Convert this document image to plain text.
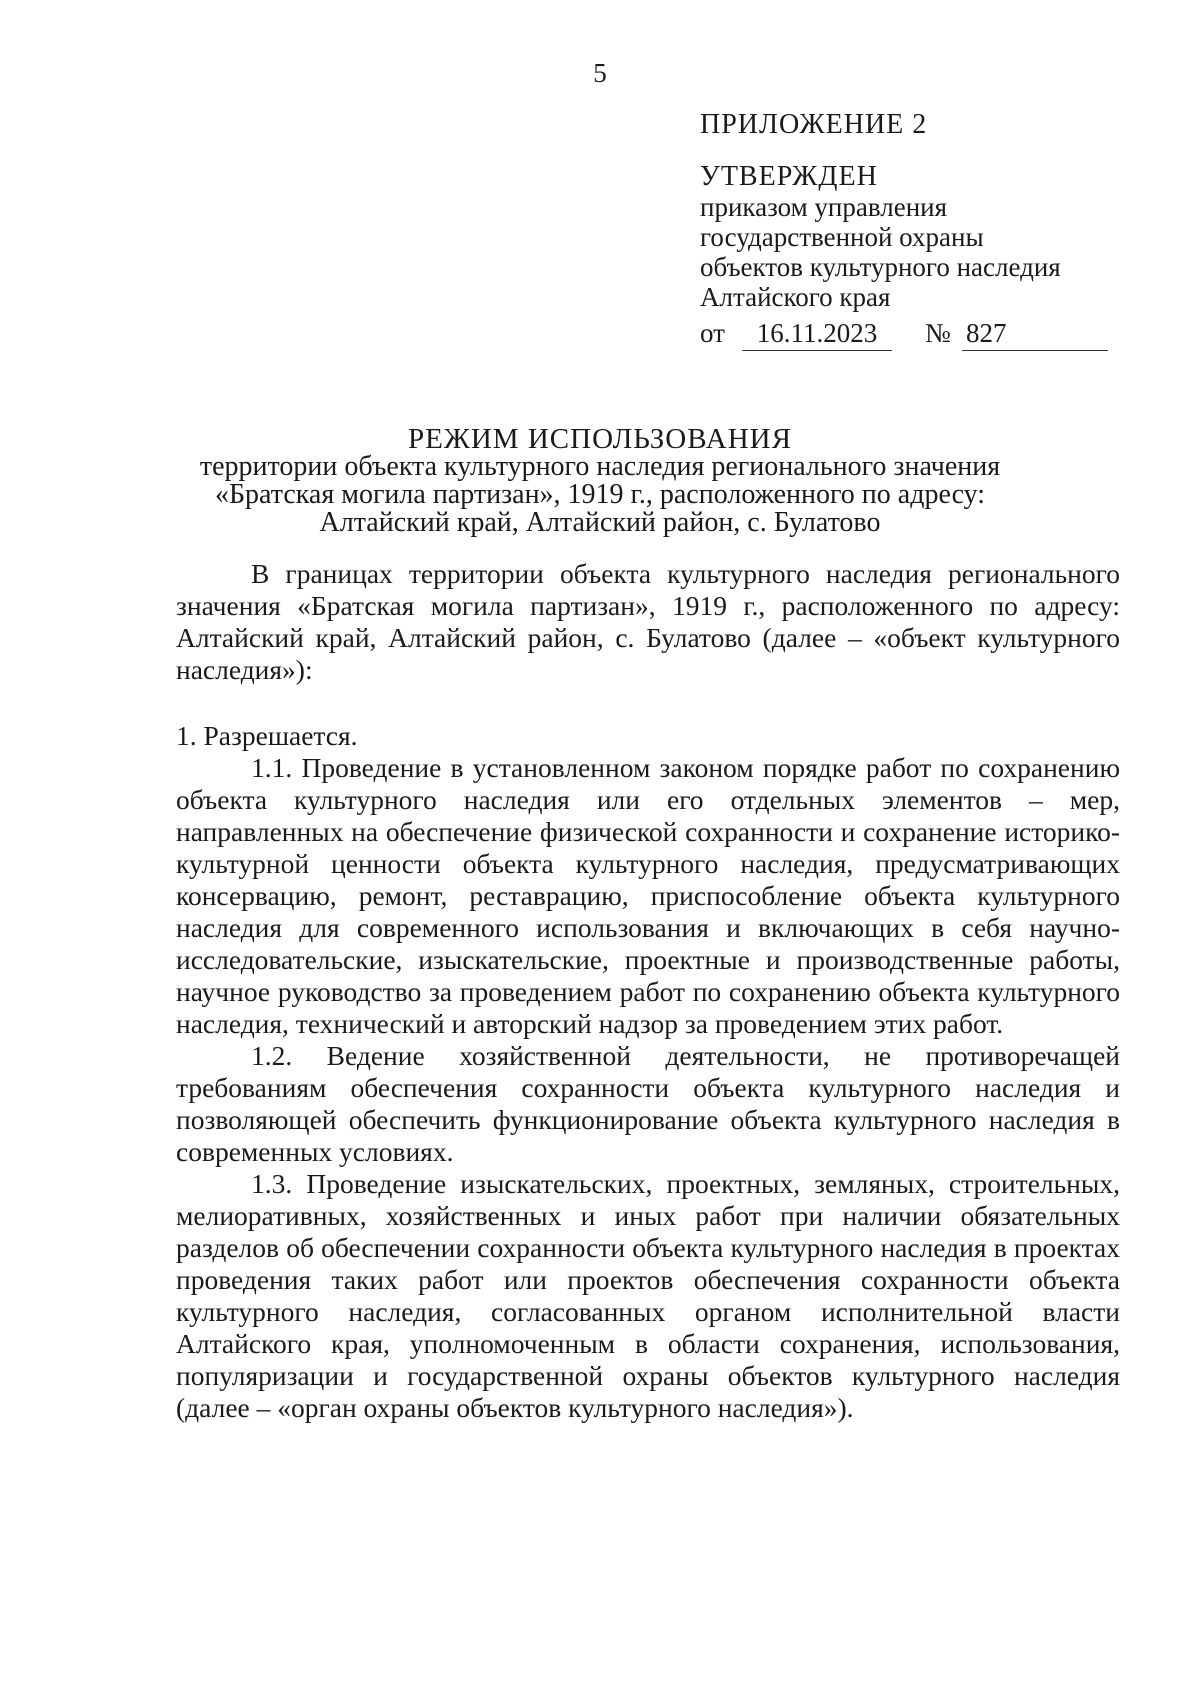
5
ПРИЛОЖЕНИЕ 2
УТВЕРЖДЕН
приказом управления
государственной охраны
объектов культурного наследия
Алтайского края
от	16.11.2023	№ 827
РЕЖИМ ИСПОЛЬЗОВАНИЯ
территории объекта культурного наследия регионального значения
«Братская могила партизан», 1919 г., расположенного по адресу:
Алтайский край, Алтайский район, с. Булатово

В границах территории объекта культурного наследия регионального значения «Братская могила партизан», 1919 г., расположенного по адресу: Алтайский край, Алтайский район, с. Булатово (далее – «объект культурного наследия»):

1. Разрешается.

1.1. Проведение в установленном законом порядке работ по сохранению объекта культурного наследия или его отдельных элементов – мер, направленных на обеспечение физической сохранности и сохранение историко-культурной ценности объекта культурного наследия, предусматривающих консервацию, ремонт, реставрацию, приспособление объекта культурного наследия для современного использования и включающих в себя научно-исследовательские, изыскательские, проектные и производственные работы, научное руководство за проведением работ по сохранению объекта культурного наследия, технический и авторский надзор за проведением этих работ.

1.2. Ведение хозяйственной деятельности, не противоречащей требованиям обеспечения сохранности объекта культурного наследия и позволяющей обеспечить функционирование объекта культурного наследия в современных условиях.

1.3. Проведение изыскательских, проектных, земляных, строительных, мелиоративных, хозяйственных и иных работ при наличии обязательных разделов об обеспечении сохранности объекта культурного наследия в проектах проведения таких работ или проектов обеспечения сохранности объекта культурного наследия, согласованных органом исполнительной власти Алтайского края, уполномоченным в области сохранения, использования, популяризации и государственной охраны объектов культурного наследия (далее – «орган охраны объектов культурного наследия»).
